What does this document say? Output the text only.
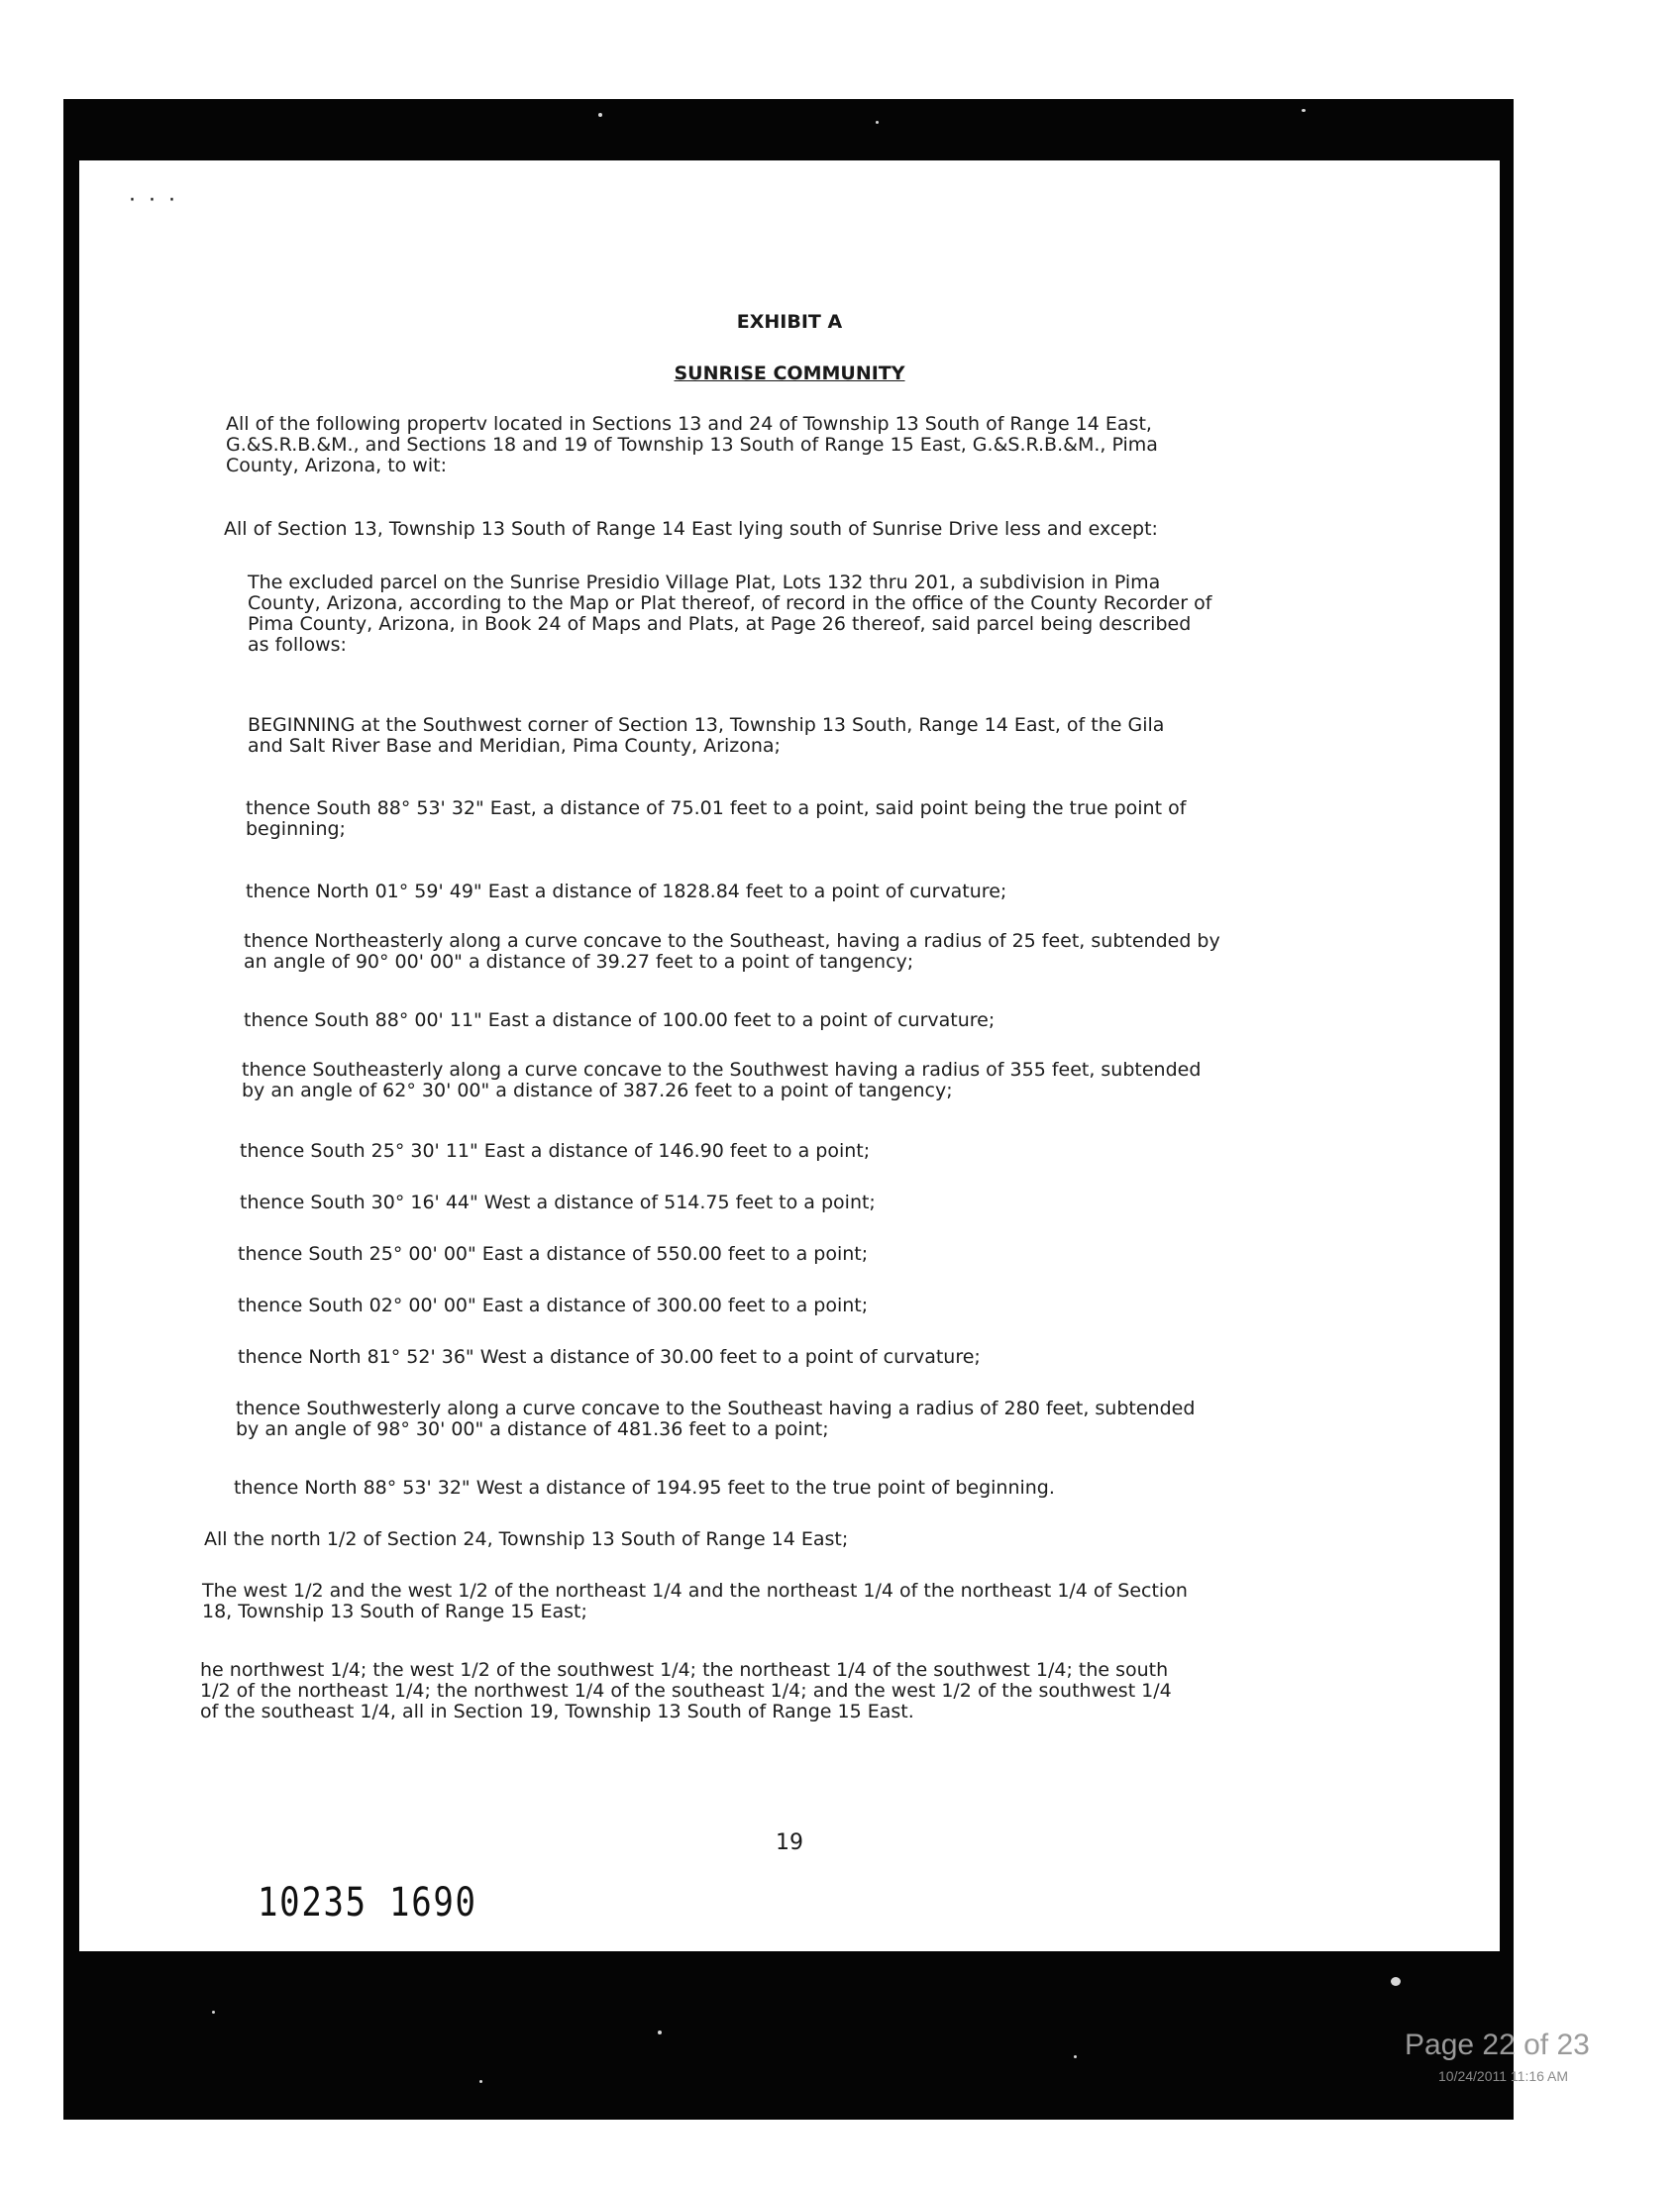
· · ·
EXHIBIT A
SUNRISE COMMUNITY

All of the following propertv located in Sections 13 and 24 of Township 13 South of Range 14 East,
G.&S.R.B.&M., and Sections 18 and 19 of Township 13 South of Range 15 East, G.&S.R.B.&M., Pima
County, Arizona, to wit:

All of Section 13, Township 13 South of Range 14 East lying south of Sunrise Drive less and except:

The excluded parcel on the Sunrise Presidio Village Plat, Lots 132 thru 201, a subdivision in Pima
County, Arizona, according to the Map or Plat thereof, of record in the office of the County Recorder of
Pima County, Arizona, in Book 24 of Maps and Plats, at Page 26 thereof, said parcel being described
as follows:

BEGINNING at the Southwest corner of Section 13, Township 13 South, Range 14 East, of the Gila
and Salt River Base and Meridian, Pima County, Arizona;

thence South 88° 53' 32" East, a distance of 75.01 feet to a point, said point being the true point of
beginning;

thence North 01° 59' 49" East a distance of 1828.84 feet to a point of curvature;

thence Northeasterly along a curve concave to the Southeast, having a radius of 25 feet, subtended by
an angle of 90° 00' 00" a distance of 39.27 feet to a point of tangency;

thence South 88° 00' 11" East a distance of 100.00 feet to a point of curvature;

thence Southeasterly along a curve concave to the Southwest having a radius of 355 feet, subtended
by an angle of 62° 30' 00" a distance of 387.26 feet to a point of tangency;

thence South 25° 30' 11" East a distance of 146.90 feet to a point;

thence South 30° 16' 44" West a distance of 514.75 feet to a point;

thence South 25° 00' 00" East a distance of 550.00 feet to a point;

thence South 02° 00' 00" East a distance of 300.00 feet to a point;

thence North 81° 52' 36" West a distance of 30.00 feet to a point of curvature;

thence Southwesterly along a curve concave to the Southeast having a radius of 280 feet, subtended
by an angle of 98° 30' 00" a distance of 481.36 feet to a point;

thence North 88° 53' 32" West a distance of 194.95 feet to the true point of beginning.

All the north 1/2 of Section 24, Township 13 South of Range 14 East;

The west 1/2 and the west 1/2 of the northeast 1/4 and the northeast 1/4 of the northeast 1/4 of Section
18, Township 13 South of Range 15 East;

he northwest 1/4; the west 1/2 of the southwest 1/4; the northeast 1/4 of the southwest 1/4; the south
1/2 of the northeast 1/4; the northwest 1/4 of the southeast 1/4; and the west 1/2 of the southwest 1/4
of the southeast 1/4, all in Section 19, Township 13 South of Range 15 East.

19
10235 1690
Page 22 of 23
10/24/2011 11:16 AM
